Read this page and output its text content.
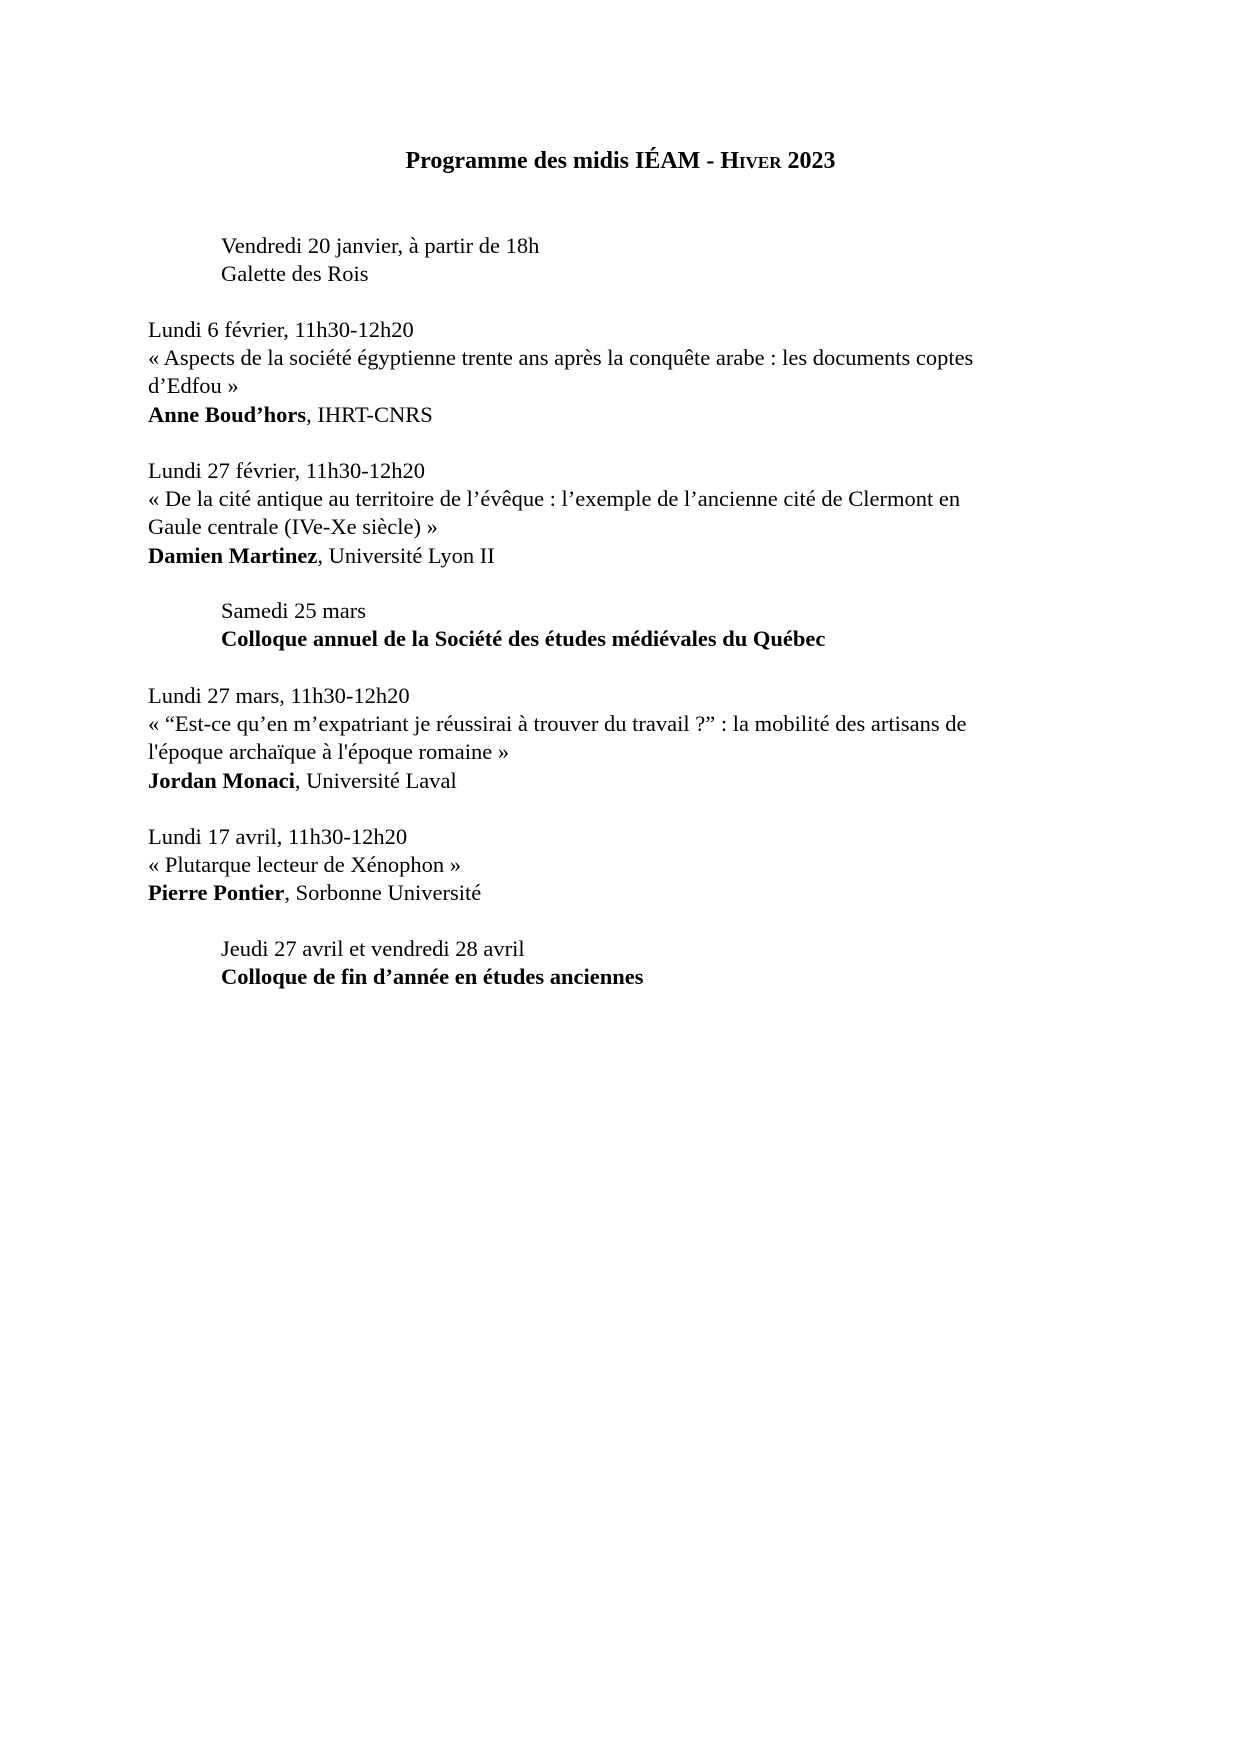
Programme des midis IÉAM - Hiver 2023
Vendredi 20 janvier, à partir de 18h
Galette des Rois
Lundi 6 février, 11h30-12h20
« Aspects de la société égyptienne trente ans après la conquête arabe : les documents coptes
d’Edfou »
Anne Boud’hors, IHRT-CNRS
Lundi 27 février, 11h30-12h20
« De la cité antique au territoire de l’évêque : l’exemple de l’ancienne cité de Clermont en
Gaule centrale (IVe-Xe siècle) »
Damien Martinez, Université Lyon II
Samedi 25 mars
Colloque annuel de la Société des études médiévales du Québec
Lundi 27 mars, 11h30-12h20
« “Est-ce qu’en m’expatriant je réussirai à trouver du travail ?” : la mobilité des artisans de
l'époque archaïque à l'époque romaine »
Jordan Monaci, Université Laval
Lundi 17 avril, 11h30-12h20
« Plutarque lecteur de Xénophon »
Pierre Pontier, Sorbonne Université
Jeudi 27 avril et vendredi 28 avril
Colloque de fin d’année en études anciennes
